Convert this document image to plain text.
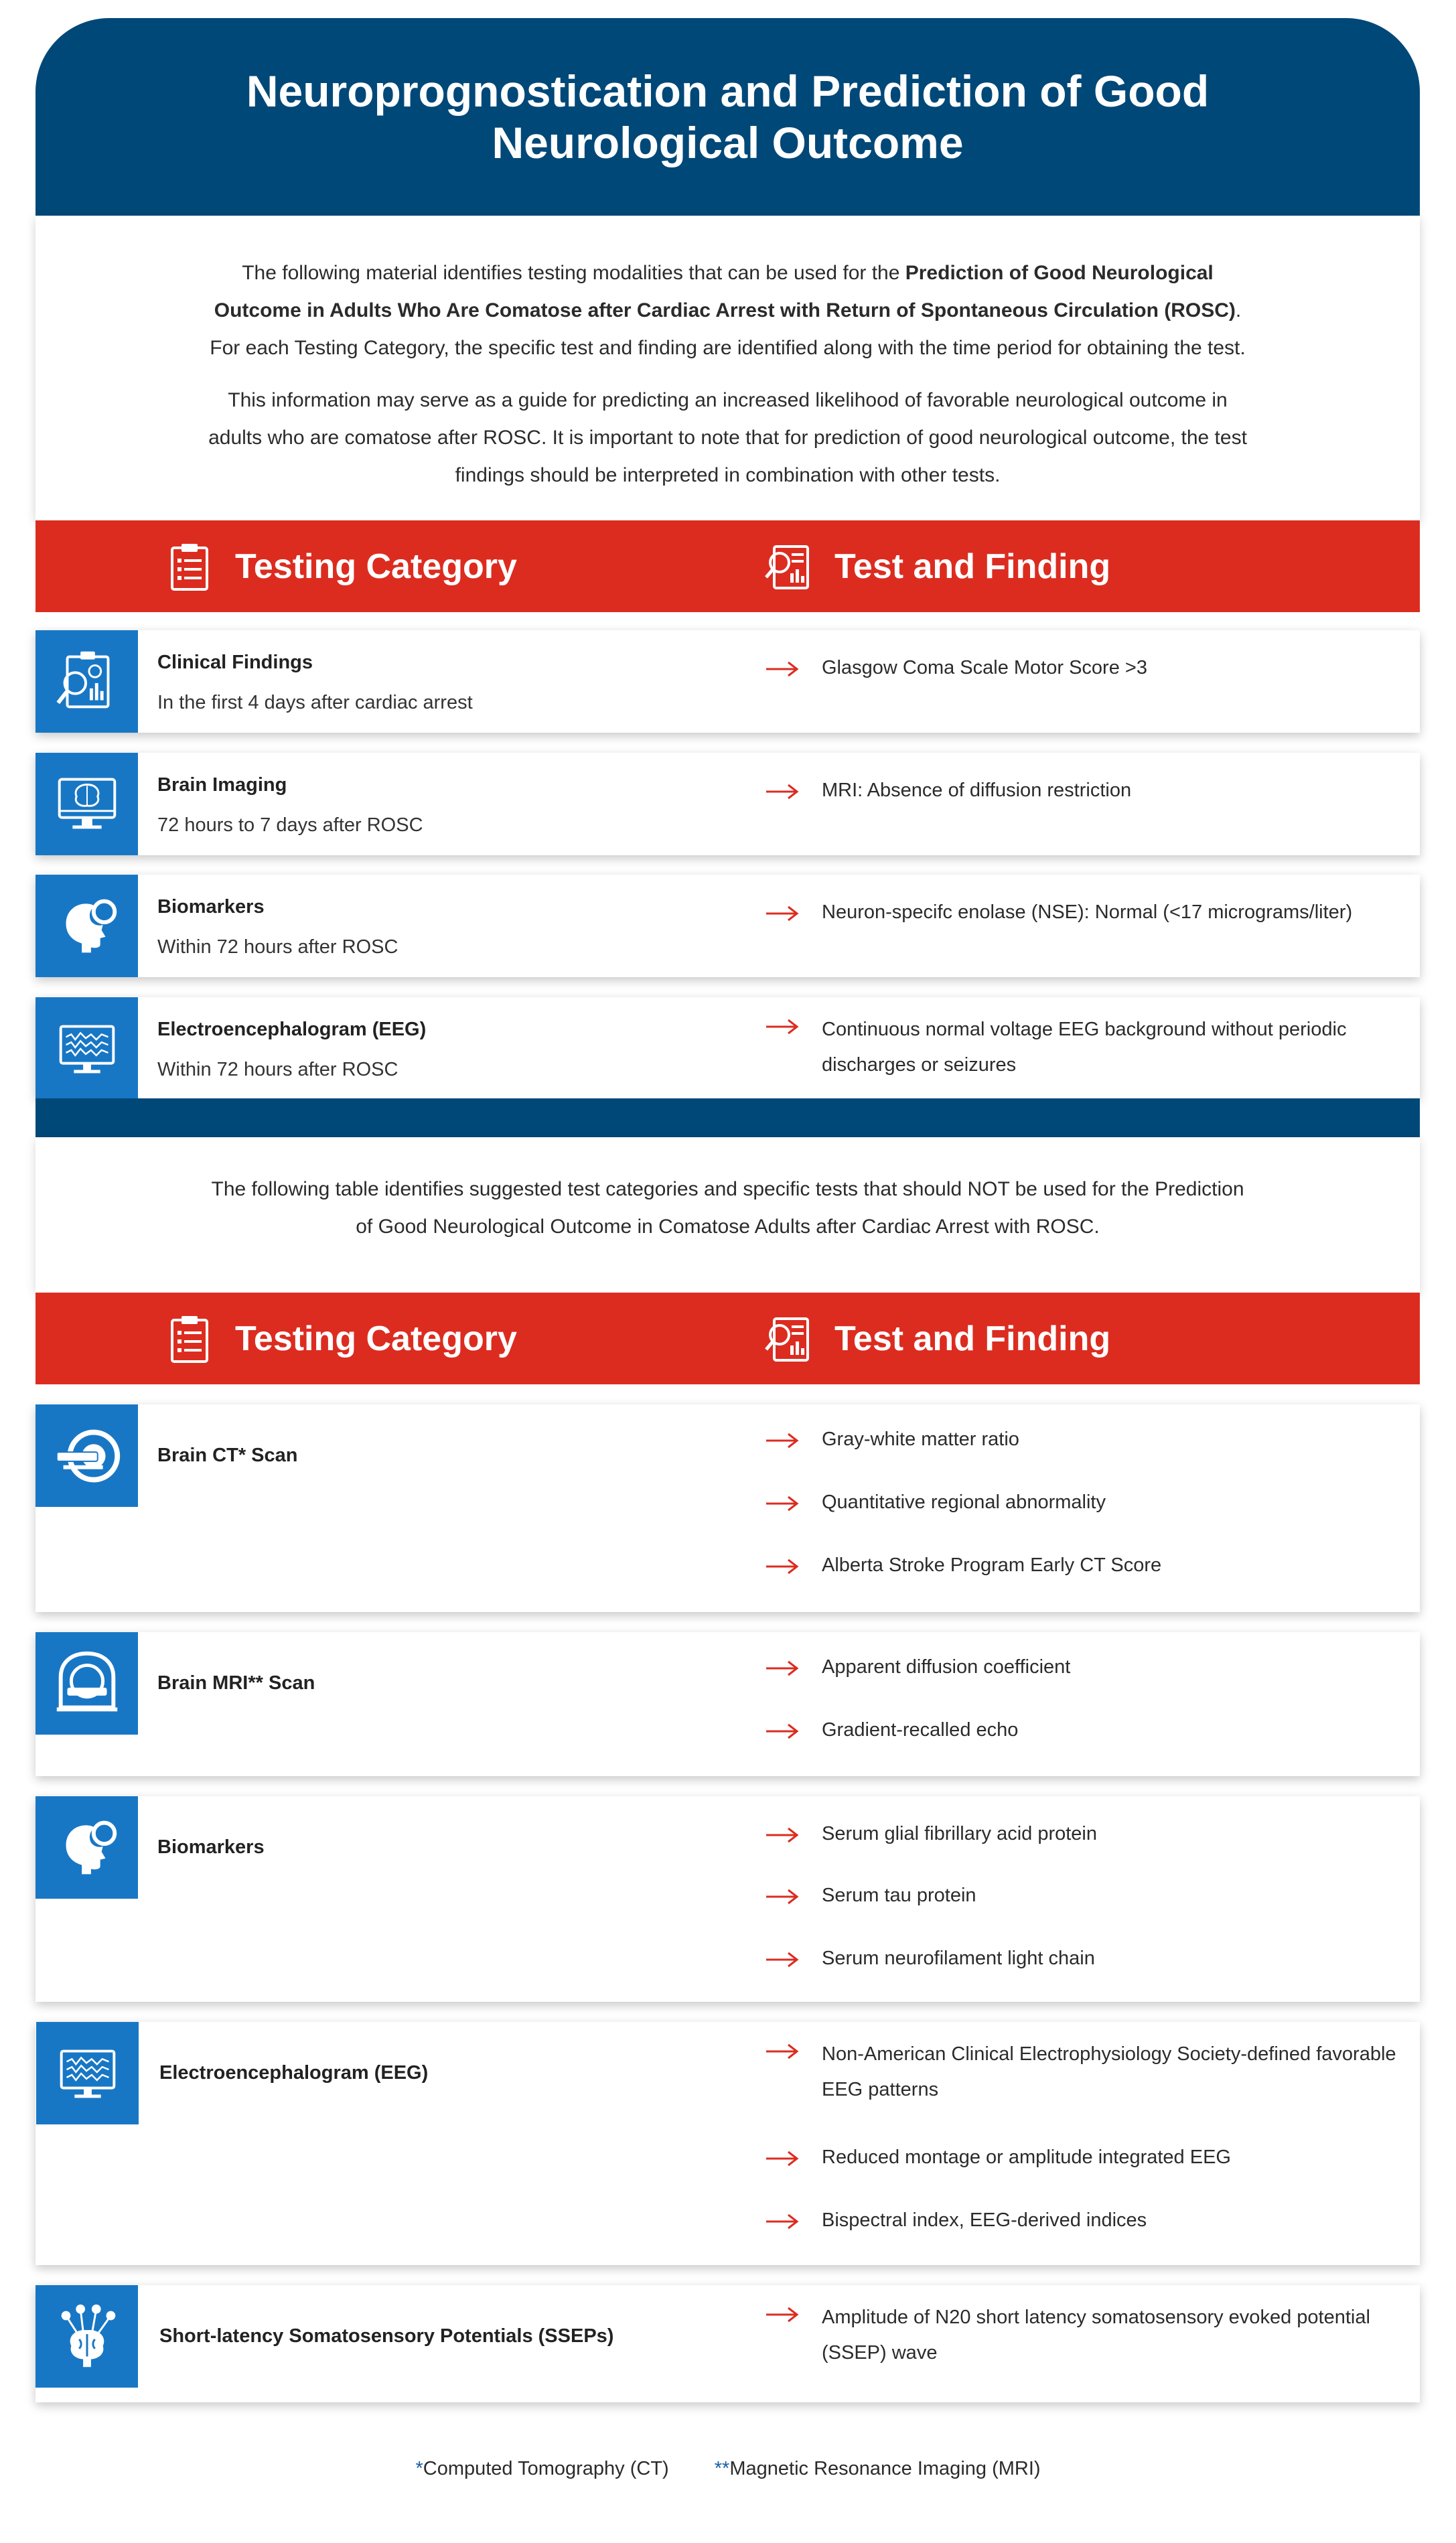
Neuroprognostication and Prediction of Good Neurological Outcome

The following material identifies testing modalities that can be used for the Prediction of Good Neurological Outcome in Adults Who Are Comatose after Cardiac Arrest with Return of Spontaneous Circulation (ROSC). For each Testing Category, the specific test and finding are identified along with the time period for obtaining the test.

This information may serve as a guide for predicting an increased likelihood of favorable neurological outcome in adults who are comatose after ROSC. It is important to note that for prediction of good neurological outcome, the test findings should be interpreted in combination with other tests.

Testing Category	Test and Finding
Clinical Findings
In the first 4 days after cardiac arrest
Glasgow Coma Scale Motor Score >3
Brain Imaging
72 hours to 7 days after ROSC
MRI: Absence of diffusion restriction
Biomarkers
Within 72 hours after ROSC
Neuron-specifc enolase (NSE): Normal (<17 micrograms/liter)
Electroencephalogram (EEG)
Within 72 hours after ROSC
Continuous normal voltage EEG background without periodic discharges or seizures

The following table identifies suggested test categories and specific tests that should NOT be used for the Prediction of Good Neurological Outcome in Comatose Adults after Cardiac Arrest with ROSC.

Testing Category	Test and Finding
Brain CT* Scan
Gray-white matter ratio
Quantitative regional abnormality
Alberta Stroke Program Early CT Score
Brain MRI** Scan
Apparent diffusion coefficient
Gradient-recalled echo
Biomarkers
Serum glial fibrillary acid protein
Serum tau protein
Serum neurofilament light chain
Electroencephalogram (EEG)
Non-American Clinical Electrophysiology Society-defined favorable EEG patterns
Reduced montage or amplitude integrated EEG
Bispectral index, EEG-derived indices
Short-latency Somatosensory Potentials (SSEPs)
Amplitude of N20 short latency somatosensory evoked potential (SSEP) wave
*Computed Tomography (CT) **Magnetic Resonance Imaging (MRI)
